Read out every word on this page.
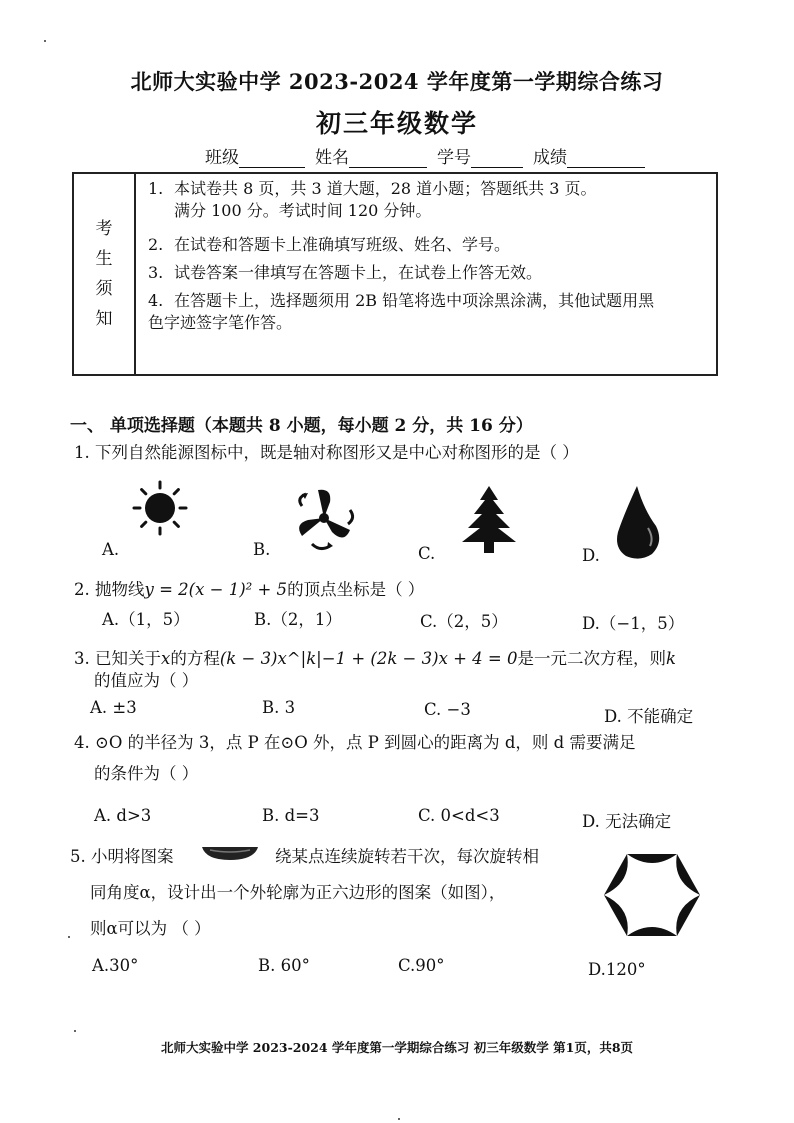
北师大实验中学 2023-2024 学年度第一学期综合练习
初三年级数学
班级	姓名	学号	成绩
考
生
须
知
1. 本试卷共 8 页，共 3 道大题，28 道小题；答题纸共 3 页。
满分 100 分。考试时间 120 分钟。
2. 在试卷和答题卡上准确填写班级、姓名、学号。
3. 试卷答案一律填写在答题卡上，在试卷上作答无效。
4. 在答题卡上，选择题须用 2B 铅笔将选中项涂黑涂满，其他试题用黑
色字迹签字笔作答。
一、 单项选择题（本题共 8 小题，每小题 2 分，共 16 分）
1. 下列自然能源图标中，既是轴对称图形又是中心对称图形的是（ ）
A.	B.	C.	D.
2. 抛物线y = 2(x − 1)² + 5的顶点坐标是（ ）
A.（1，5）	B.（2，1）	C.（2，5）	D.（−1，5）
3. 已知关于x的方程(k − 3)x^|k|−1 + (2k − 3)x + 4 = 0是一元二次方程，则k
的值应为（ ）
A. ±3	B. 3	C. −3	D. 不能确定
4. ⊙O 的半径为 3，点 P 在⊙O 外，点 P 到圆心的距离为 d，则 d 需要满足
的条件为（ ）
A. d>3	B. d=3	C. 0<d<3	D. 无法确定
5. 小明将图案	绕某点连续旋转若干次，每次旋转相
同角度α，设计出一个外轮廓为正六边形的图案（如图），
则α可以为 （ ）
A.30°	B. 60°	C.90°	D.120°
北师大实验中学 2023-2024 学年度第一学期综合练习 初三年级数学 第1页，共8页
